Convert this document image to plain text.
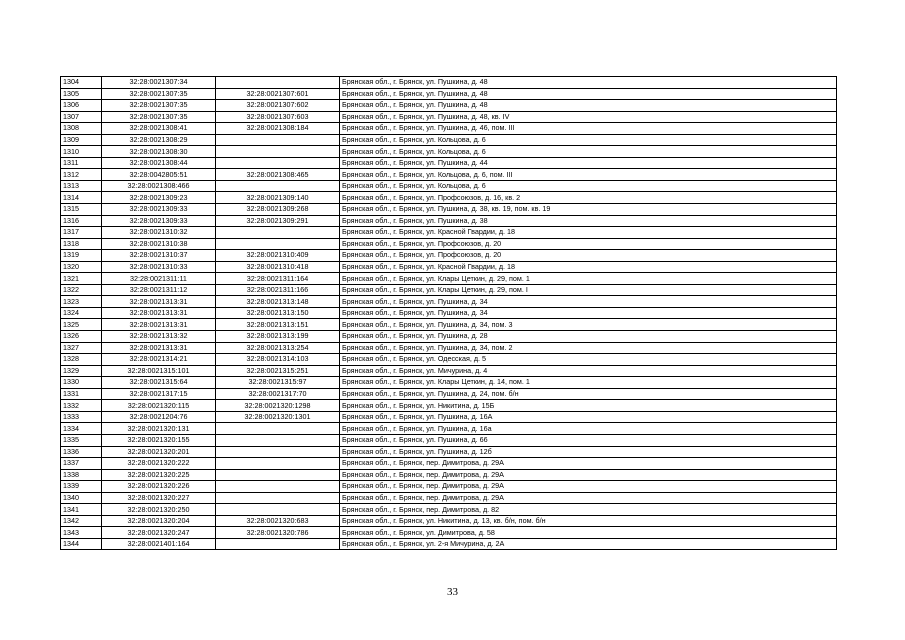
1304	32:28:0021307:34		Брянская обл., г. Брянск, ул. Пушкина, д. 48
1305	32:28:0021307:35	32:28:0021307:601	Брянская обл., г. Брянск, ул. Пушкина, д. 48
1306	32:28:0021307:35	32:28:0021307:602	Брянская обл., г. Брянск, ул. Пушкина, д. 48
1307	32:28:0021307:35	32:28:0021307:603	Брянская обл., г. Брянск, ул. Пушкина, д. 48, кв. IV
1308	32:28:0021308:41	32:28:0021308:184	Брянская обл., г. Брянск, ул. Пушкина, д. 46, пом. III
1309	32:28:0021308:29		Брянская обл., г. Брянск, ул. Кольцова, д. 6
1310	32:28:0021308:30		Брянская обл., г. Брянск, ул. Кольцова, д. 6
1311	32:28:0021308:44		Брянская обл., г. Брянск, ул. Пушкина, д. 44
1312	32:28:0042805:51	32:28:0021308:465	Брянская обл., г. Брянск, ул. Кольцова, д. 6, пом. III
1313	32:28:0021308:466		Брянская обл., г. Брянск, ул. Кольцова, д. 6
1314	32:28:0021309:23	32:28:0021309:140	Брянская обл., г. Брянск, ул. Профсоюзов, д. 16, кв. 2
1315	32:28:0021309:33	32:28:0021309:268	Брянская обл., г. Брянск, ул. Пушкина, д. 38, кв. 19, пом. кв. 19
1316	32:28:0021309:33	32:28:0021309:291	Брянская обл., г. Брянск, ул. Пушкина, д. 38
1317	32:28:0021310:32		Брянская обл., г. Брянск, ул. Красной Гвардии, д. 18
1318	32:28:0021310:38		Брянская обл., г. Брянск, ул. Профсоюзов, д. 20
1319	32:28:0021310:37	32:28:0021310:409	Брянская обл., г. Брянск, ул. Профсоюзов, д. 20
1320	32:28:0021310:33	32:28:0021310:418	Брянская обл., г. Брянск, ул. Красной Гвардии, д. 18
1321	32:28:0021311:11	32:28:0021311:164	Брянская обл., г. Брянск, ул. Клары Цеткин, д. 29, пом. 1
1322	32:28:0021311:12	32:28:0021311:166	Брянская обл., г. Брянск, ул. Клары Цеткин, д. 29, пом. I
1323	32:28:0021313:31	32:28:0021313:148	Брянская обл., г. Брянск, ул. Пушкина, д. 34
1324	32:28:0021313:31	32:28:0021313:150	Брянская обл., г. Брянск, ул. Пушкина, д. 34
1325	32:28:0021313:31	32:28:0021313:151	Брянская обл., г. Брянск, ул. Пушкина, д. 34, пом. 3
1326	32:28:0021313:32	32:28:0021313:199	Брянская обл., г. Брянск, ул. Пушкина, д. 28
1327	32:28:0021313:31	32:28:0021313:254	Брянская обл., г. Брянск, ул. Пушкина, д. 34, пом. 2
1328	32:28:0021314:21	32:28:0021314:103	Брянская обл., г. Брянск, ул. Одесская, д. 5
1329	32:28:0021315:101	32:28:0021315:251	Брянская обл., г. Брянск, ул. Мичурина, д. 4
1330	32:28:0021315:64	32:28:0021315:97	Брянская обл., г. Брянск, ул. Клары Цеткин, д. 14, пом. 1
1331	32:28:0021317:15	32:28:0021317:70	Брянская обл., г. Брянск, ул. Пушкина, д. 24, пом. б/н
1332	32:28:0021320:115	32:28:0021320:1298	Брянская обл., г. Брянск, ул. Никитина, д. 15Б
1333	32:28:0021204:76	32:28:0021320:1301	Брянская обл., г. Брянск, ул. Пушкина, д. 16А
1334	32:28:0021320:131		Брянская обл., г. Брянск, ул. Пушкина, д. 16а
1335	32:28:0021320:155		Брянская обл., г. Брянск, ул. Пушкина, д. 66
1336	32:28:0021320:201		Брянская обл., г. Брянск, ул. Пушкина, д. 12б
1337	32:28:0021320:222		Брянская обл., г. Брянск, пер. Димитрова, д. 29А
1338	32:28:0021320:225		Брянская обл., г. Брянск, пер. Димитрова, д. 29А
1339	32:28:0021320:226		Брянская обл., г. Брянск, пер. Димитрова, д. 29А
1340	32:28:0021320:227		Брянская обл., г. Брянск, пер. Димитрова, д. 29А
1341	32:28:0021320:250		Брянская обл., г. Брянск, пер. Димитрова, д. 82
1342	32:28:0021320:204	32:28:0021320:683	Брянская обл., г. Брянск, ул. Никитина, д. 13, кв. б/н, пом. б/н
1343	32:28:0021320:247	32:28:0021320:786	Брянская обл., г. Брянск, ул. Димитрова, д. 58
1344	32:28:0021401:164		Брянская обл., г. Брянск, ул. 2-я Мичурина, д. 2А
33
